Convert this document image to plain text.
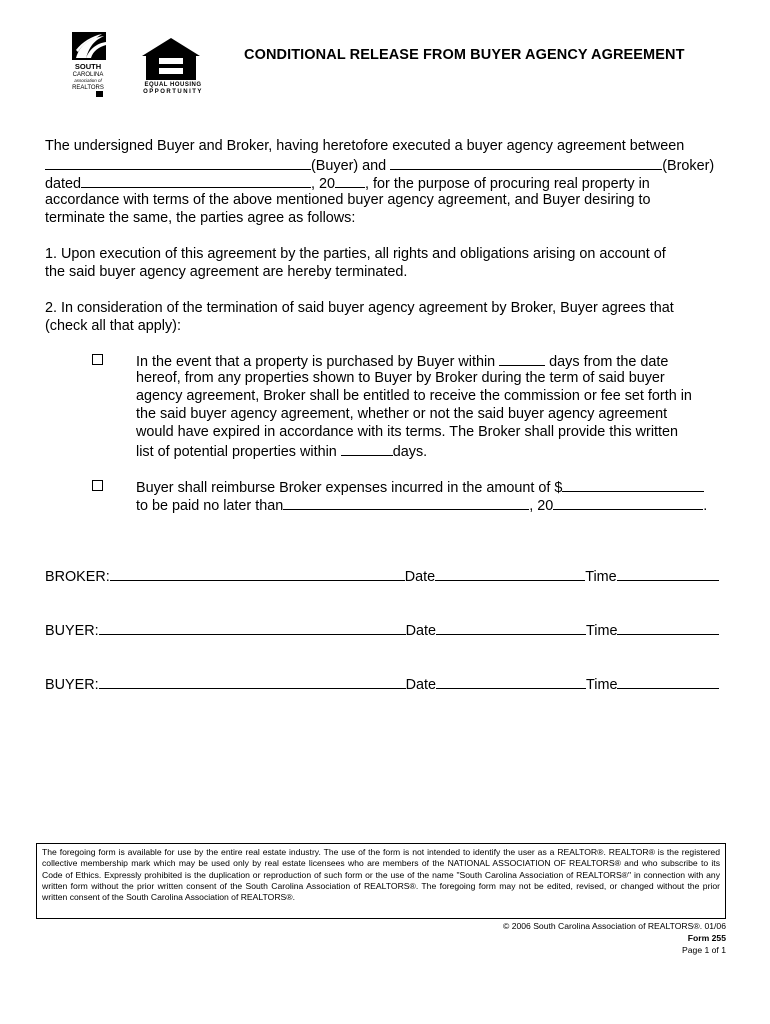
SOUTH
CAROLINA
association of
REALTORS	EQUAL HOUSING
OPPORTUNITY
CONDITIONAL RELEASE FROM BUYER AGENCY AGREEMENT
The undersigned Buyer and Broker, having heretofore executed a buyer agency agreement between
(Buyer) and	(Broker)
dated	, 20 , for the purpose of procuring real property in
accordance with terms of the above mentioned buyer agency agreement, and Buyer desiring to
terminate the same, the parties agree as follows:
1. Upon execution of this agreement by the parties, all rights and obligations arising on account of
the said buyer agency agreement are hereby terminated.
2. In consideration of the termination of said buyer agency agreement by Broker, Buyer agrees that
(check all that apply):
In the event that a property is purchased by Buyer within	days from the date
hereof, from any properties shown to Buyer by Broker during the term of said buyer
agency agreement, Broker shall be entitled to receive the commission or fee set forth in
the said buyer agency agreement, whether or not the said buyer agency agreement
would have expired in accordance with its terms. The Broker shall provide this written
list of potential properties within	days.
Buyer shall reimburse Broker expenses incurred in the amount of $
to be paid no later than	, 20	.
BROKER:	Date	Time
BUYER:	Date	Time
BUYER:	Date	Time
The foregoing form is available for use by the entire real estate industry. The use of the form is not intended to identify the user as a REALTOR®. REALTOR® is the registered collective membership mark which may be used only by real estate licensees who are members of the NATIONAL ASSOCIATION OF REALTORS® and who subscribe to its Code of Ethics. Expressly prohibited is the duplication or reproduction of such form or the use of the name "South Carolina Association of REALTORS®" in connection with any written form without the prior written consent of the South Carolina Association of REALTORS®. The foregoing form may not be edited, revised, or changed without the prior written consent of the South Carolina Association of REALTORS®.
© 2006 South Carolina Association of REALTORS®. 01/06
Form 255
Page 1 of 1
